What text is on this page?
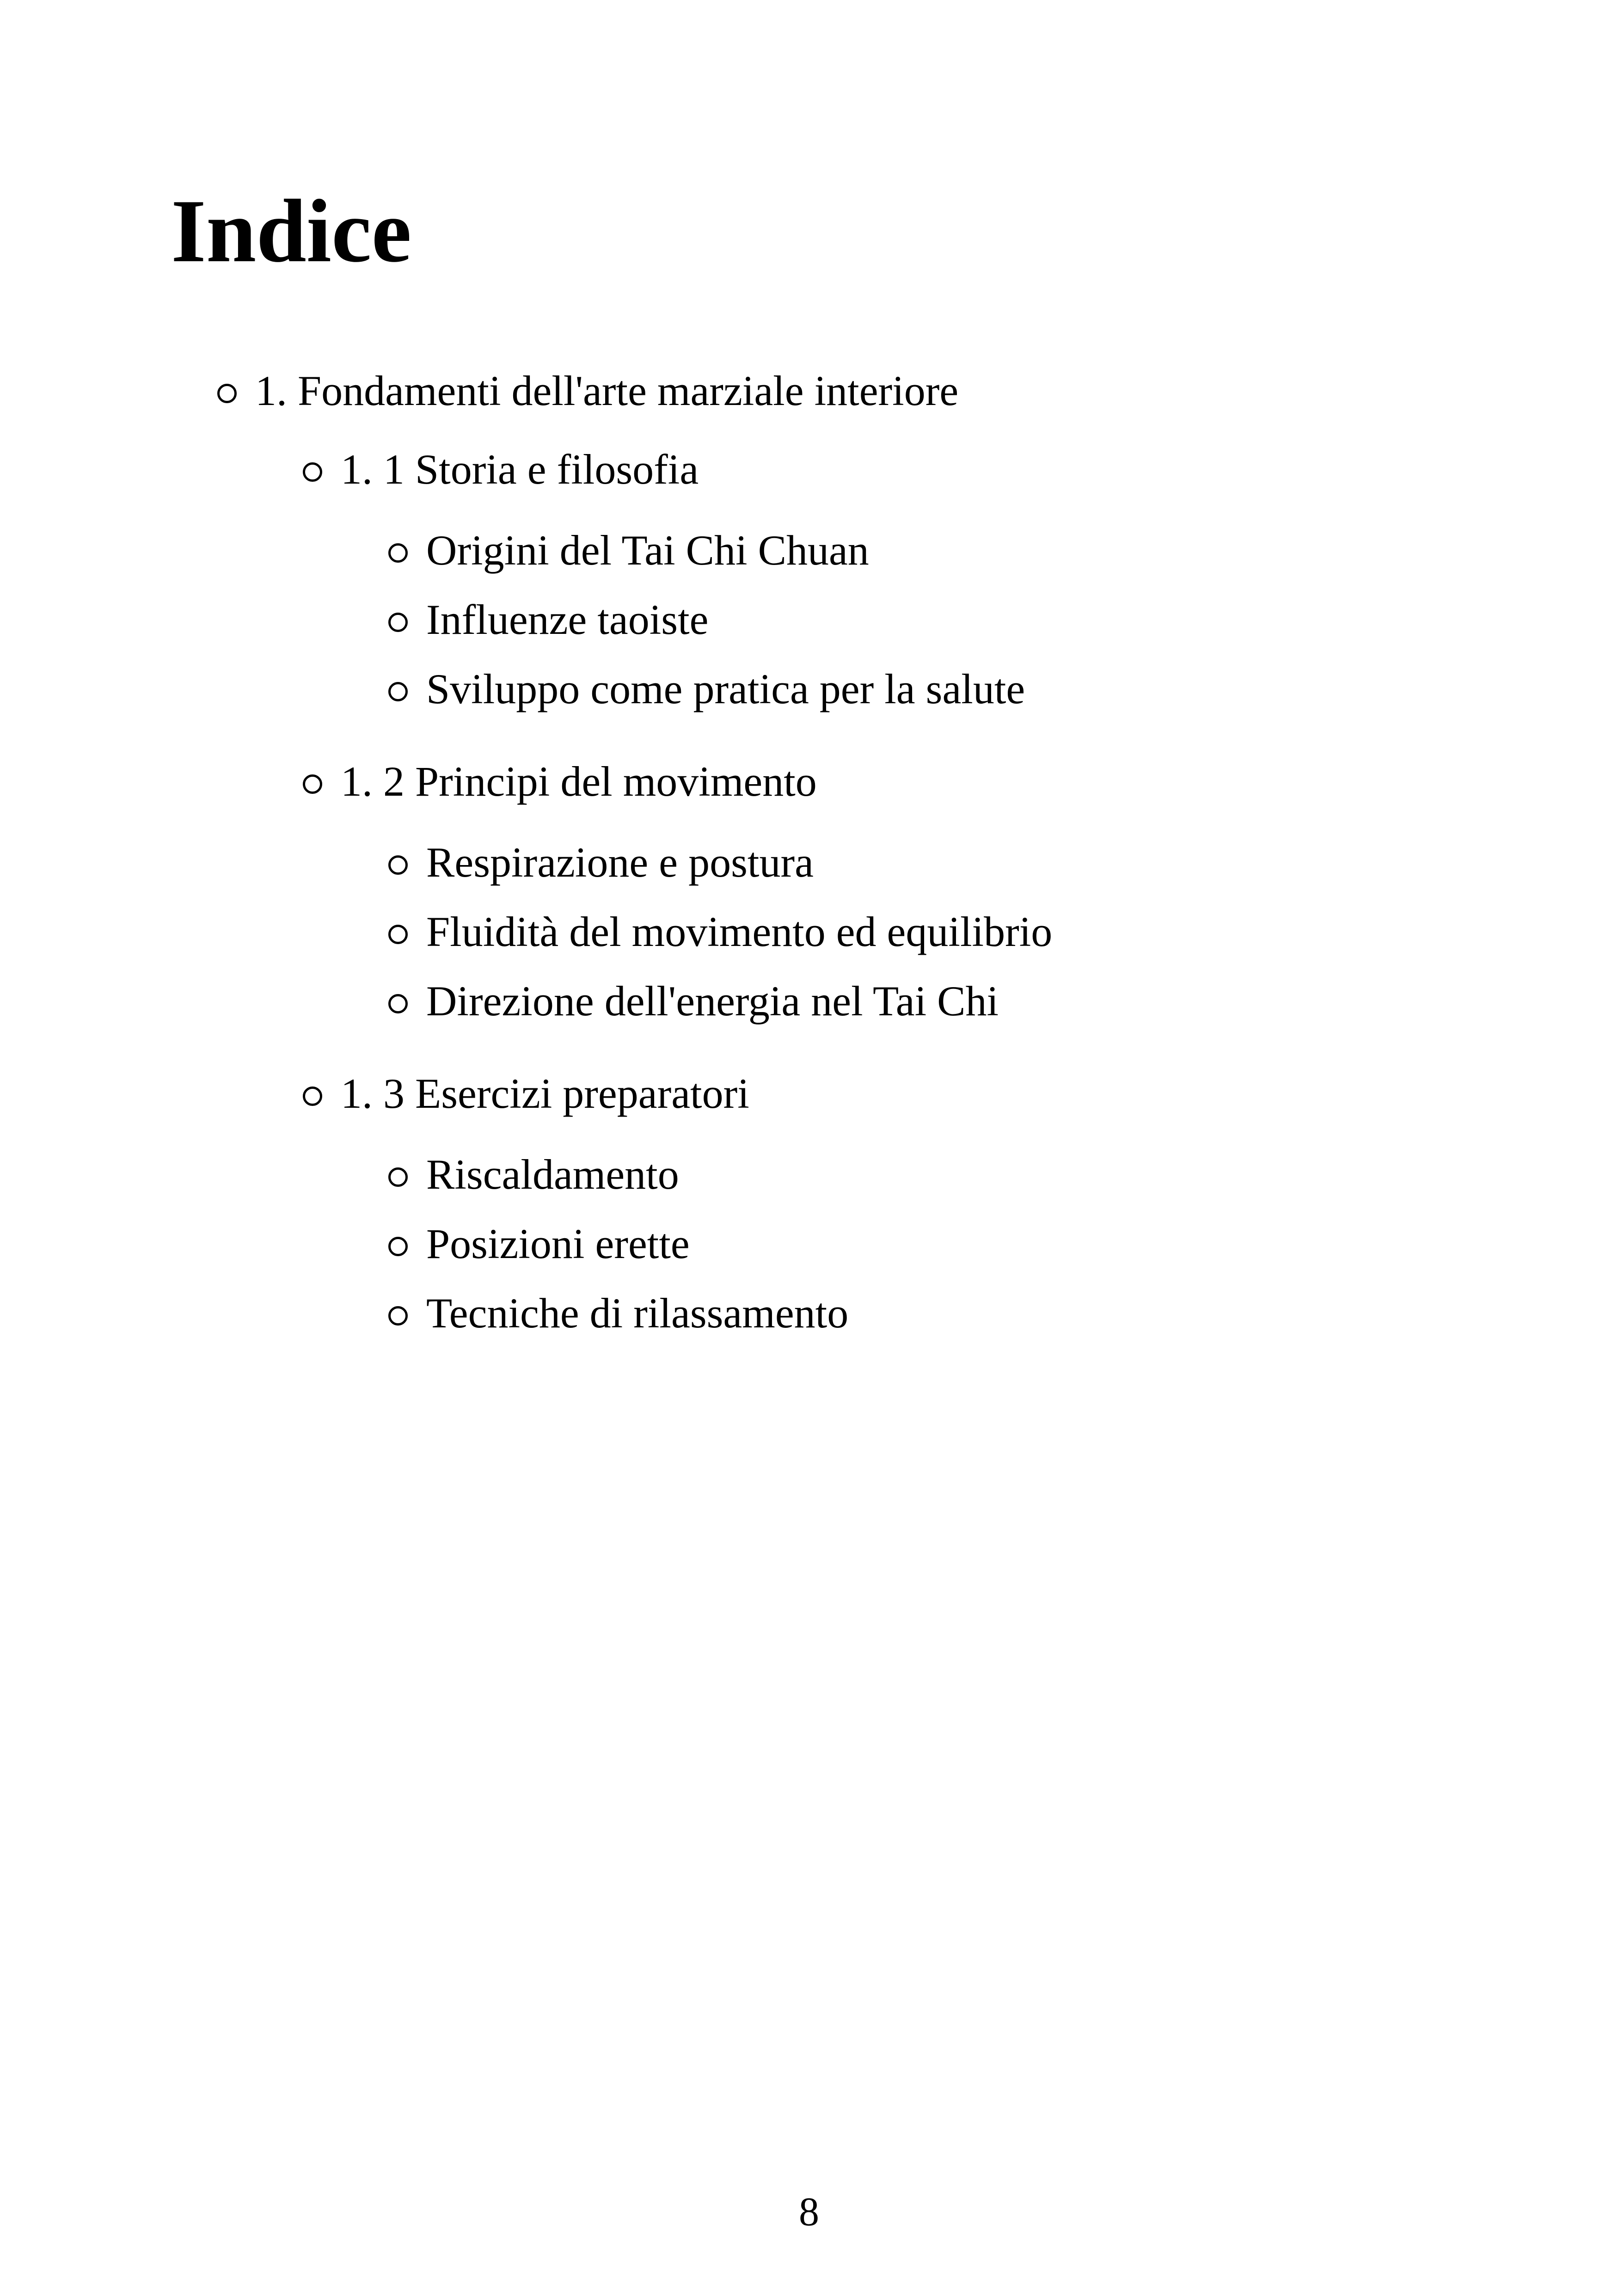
Indice
1. Fondamenti dell'arte marziale interiore
1. 1 Storia e filosofia
Origini del Tai Chi Chuan
Influenze taoiste
Sviluppo come pratica per la salute
1. 2 Principi del movimento
Respirazione e postura
Fluidità del movimento ed equilibrio
Direzione dell'energia nel Tai Chi
1. 3 Esercizi preparatori
Riscaldamento
Posizioni erette
Tecniche di rilassamento
8
